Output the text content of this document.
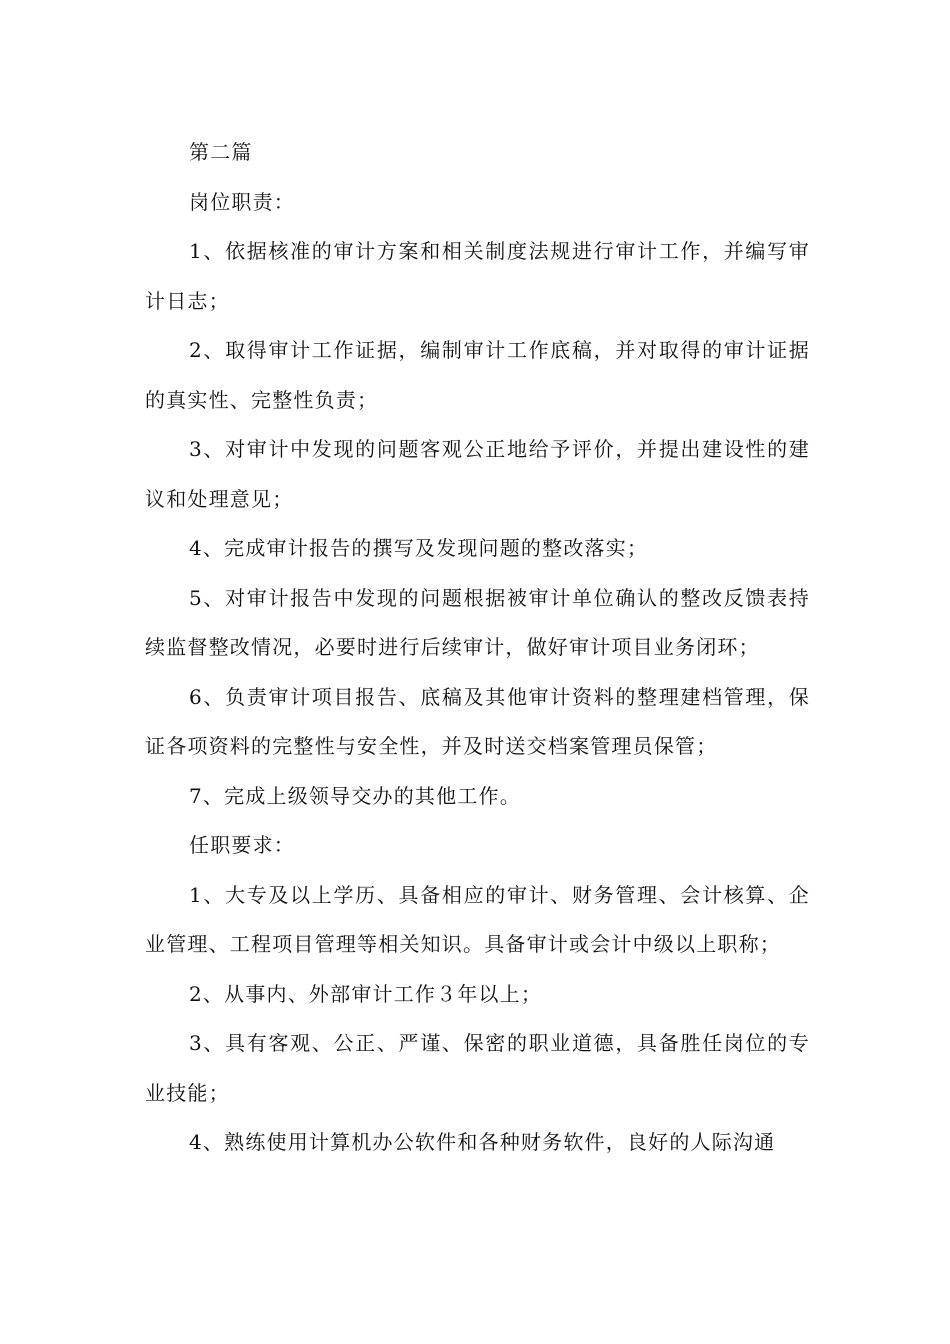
第二篇

岗位职责：

1、依据核准的审计方案和相关制度法规进行审计工作，并编写审计日志；

2、取得审计工作证据，编制审计工作底稿，并对取得的审计证据的真实性、完整性负责；

3、对审计中发现的问题客观公正地给予评价，并提出建设性的建议和处理意见；

4、完成审计报告的撰写及发现问题的整改落实；

5、对审计报告中发现的问题根据被审计单位确认的整改反馈表持续监督整改情况，必要时进行后续审计，做好审计项目业务闭环；

6、负责审计项目报告、底稿及其他审计资料的整理建档管理，保证各项资料的完整性与安全性，并及时送交档案管理员保管；

7、完成上级领导交办的其他工作。

任职要求：

1、大专及以上学历、具备相应的审计、财务管理、会计核算、企业管理、工程项目管理等相关知识。具备审计或会计中级以上职称；

2、从事内、外部审计工作３年以上；

3、具有客观、公正、严谨、保密的职业道德，具备胜任岗位的专业技能；

4、熟练使用计算机办公软件和各种财务软件，良好的人际沟通
